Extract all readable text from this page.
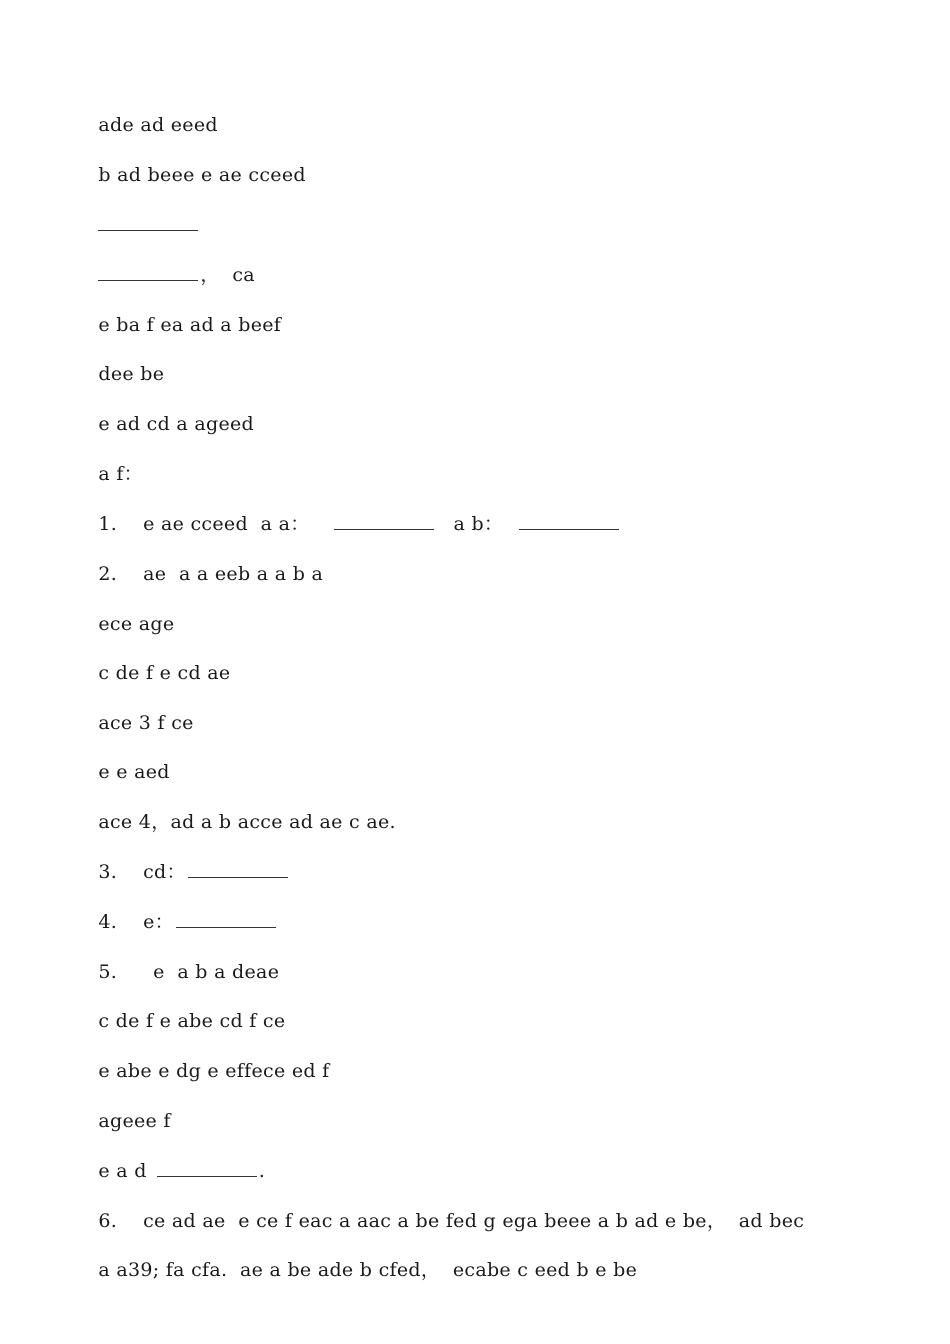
ade ad eeed

b ad beee e ae cceed

，  ca

e ba f ea ad a beef

dee be

e ad cd a ageed

a f：

1. e ae cceed  a a：	a b：

2. ae  a a eeb a a b a

ece age

c de f e cd ae

ace 3 f ce

e e aed

ace 4，ad a b acce ad ae c ae.

3. cd：

4. e：

5. e  a b a deae

c de f e abe cd f ce

e abe e dg e effece ed f

ageee f

e a d	.

6. ce ad ae  e ce f eac a aac a be fed g ega beee a b ad e be，  ad bec

a a39; fa cfa.  ae a be ade b cfed，  ecabe c eed b e be
